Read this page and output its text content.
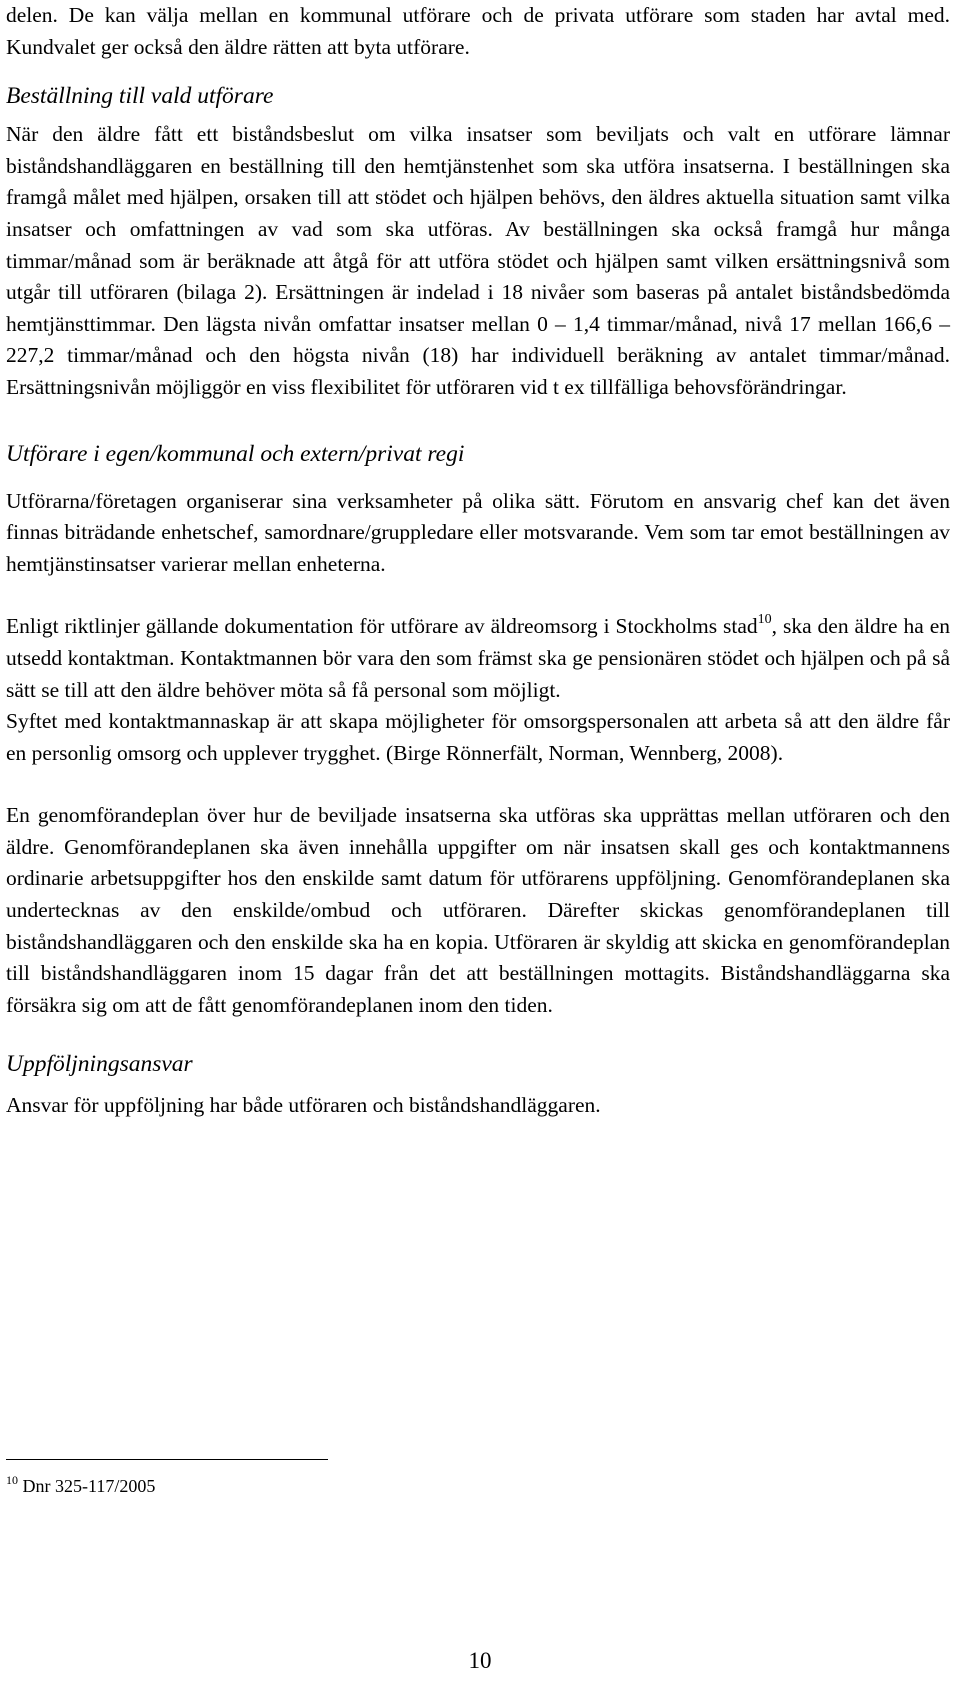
delen. De kan välja mellan en kommunal utförare och de privata utförare som staden har avtal med. Kundvalet ger också den äldre rätten att byta utförare.

Beställning till vald utförare

När den äldre fått ett biståndsbeslut om vilka insatser som beviljats och valt en utförare lämnar biståndshandläggaren en beställning till den hemtjänstenhet som ska utföra insatserna. I beställningen ska framgå målet med hjälpen, orsaken till att stödet och hjälpen behövs, den äldres aktuella situation samt vilka insatser och omfattningen av vad som ska utföras. Av beställningen ska också framgå hur många timmar/månad som är beräknade att åtgå för att utföra stödet och hjälpen samt vilken ersättningsnivå som utgår till utföraren (bilaga 2). Ersättningen är indelad i 18 nivåer som baseras på antalet biståndsbedömda hemtjänsttimmar. Den lägsta nivån omfattar insatser mellan 0 – 1,4 timmar/månad, nivå 17 mellan 166,6 – 227,2 timmar/månad och den högsta nivån (18) har individuell beräkning av antalet timmar/månad. Ersättningsnivån möjliggör en viss flexibilitet för utföraren vid t ex tillfälliga behovsförändringar.

Utförare i egen/kommunal och extern/privat regi

Utförarna/företagen organiserar sina verksamheter på olika sätt. Förutom en ansvarig chef kan det även finnas biträdande enhetschef, samordnare/gruppledare eller motsvarande. Vem som tar emot beställningen av hemtjänstinsatser varierar mellan enheterna.

Enligt riktlinjer gällande dokumentation för utförare av äldreomsorg i Stockholms stad$^{10}$, ska den äldre ha en utsedd kontaktman. Kontaktmannen bör vara den som främst ska ge pensionären stödet och hjälpen och på så sätt se till att den äldre behöver möta så få personal som möjligt.

Syftet med kontaktmannaskap är att skapa möjligheter för omsorgspersonalen att arbeta så att den äldre får en personlig omsorg och upplever trygghet. (Birge Rönnerfält, Norman, Wennberg, 2008).

En genomförandeplan över hur de beviljade insatserna ska utföras ska upprättas mellan utföraren och den äldre. Genomförandeplanen ska även innehålla uppgifter om när insatsen skall ges och kontaktmannens ordinarie arbetsuppgifter hos den enskilde samt datum för utförarens uppföljning. Genomförandeplanen ska undertecknas av den enskilde/ombud och utföraren. Därefter skickas genomförandeplanen till biståndshandläggaren och den enskilde ska ha en kopia. Utföraren är skyldig att skicka en genomförandeplan till biståndshandläggaren inom 15 dagar från det att beställningen mottagits. Biståndshandläggarna ska försäkra sig om att de fått genomförandeplanen inom den tiden.

Uppföljningsansvar

Ansvar för uppföljning har både utföraren och biståndshandläggaren.

$^{10}$ Dnr 325-117/2005
10
